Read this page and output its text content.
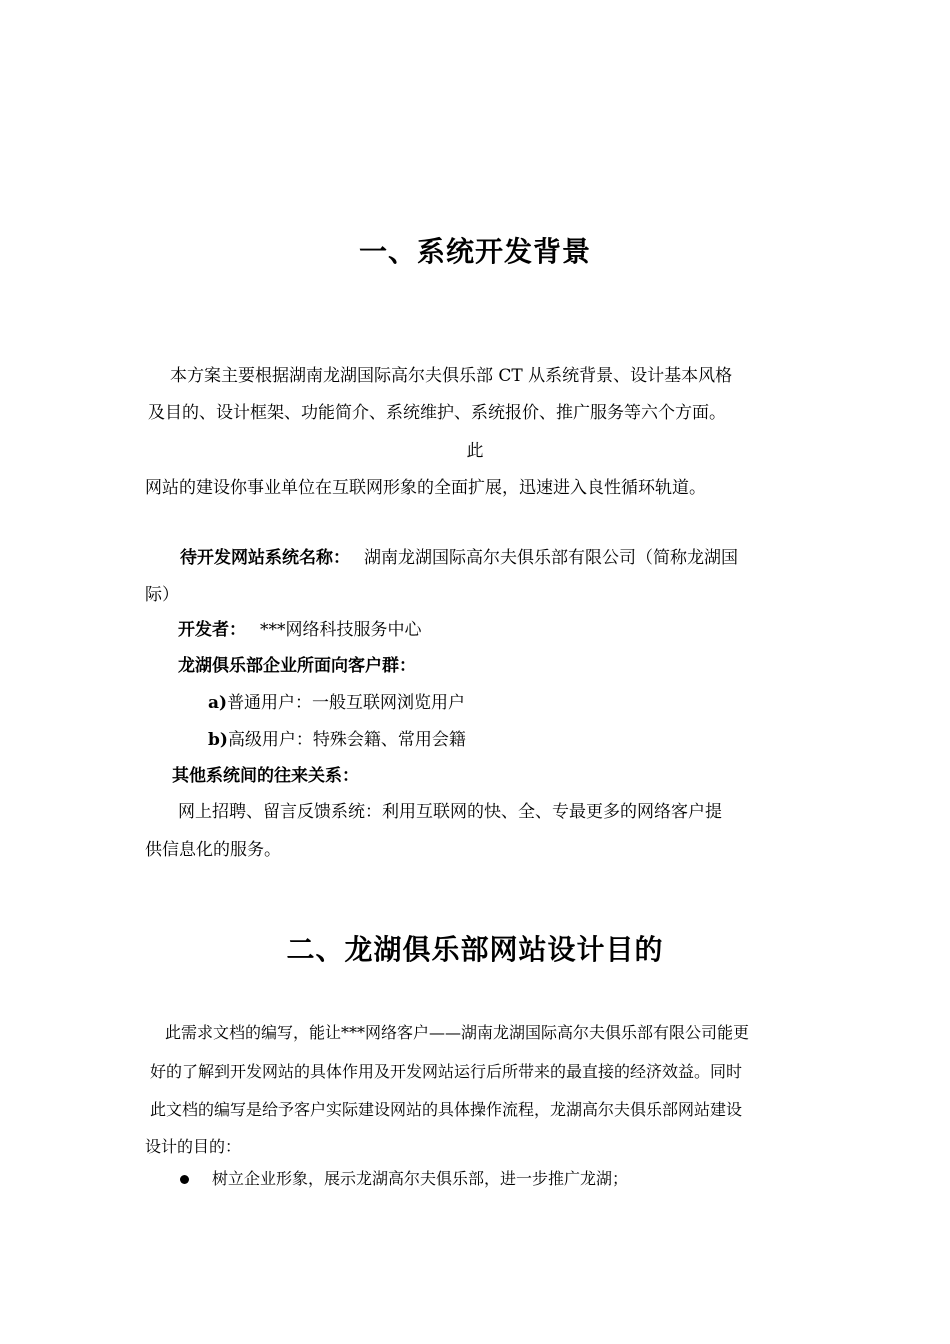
一、系统开发背景
本方案主要根据湖南龙湖国际高尔夫俱乐部 CT 从系统背景、设计基本风格
及目的、设计框架、功能简介、系统维护、系统报价、推广服务等六个方面。
此
网站的建设你事业单位在互联网形象的全面扩展，迅速进入良性循环轨道。
待开发网站系统名称： 湖南龙湖国际高尔夫俱乐部有限公司（简称龙湖国
际）
开发者： ***网络科技服务中心
龙湖俱乐部企业所面向客户群：
a)普通用户：一般互联网浏览用户
b)高级用户：特殊会籍、常用会籍
其他系统间的往来关系：
网上招聘、留言反馈系统：利用互联网的快、全、专最更多的网络客户提
供信息化的服务。
二、龙湖俱乐部网站设计目的
此需求文档的编写，能让***网络客户——湖南龙湖国际高尔夫俱乐部有限公司能更
好的了解到开发网站的具体作用及开发网站运行后所带来的最直接的经济效益。同时
此文档的编写是给予客户实际建设网站的具体操作流程，龙湖高尔夫俱乐部网站建设
设计的目的：
树立企业形象，展示龙湖高尔夫俱乐部，进一步推广龙湖；
